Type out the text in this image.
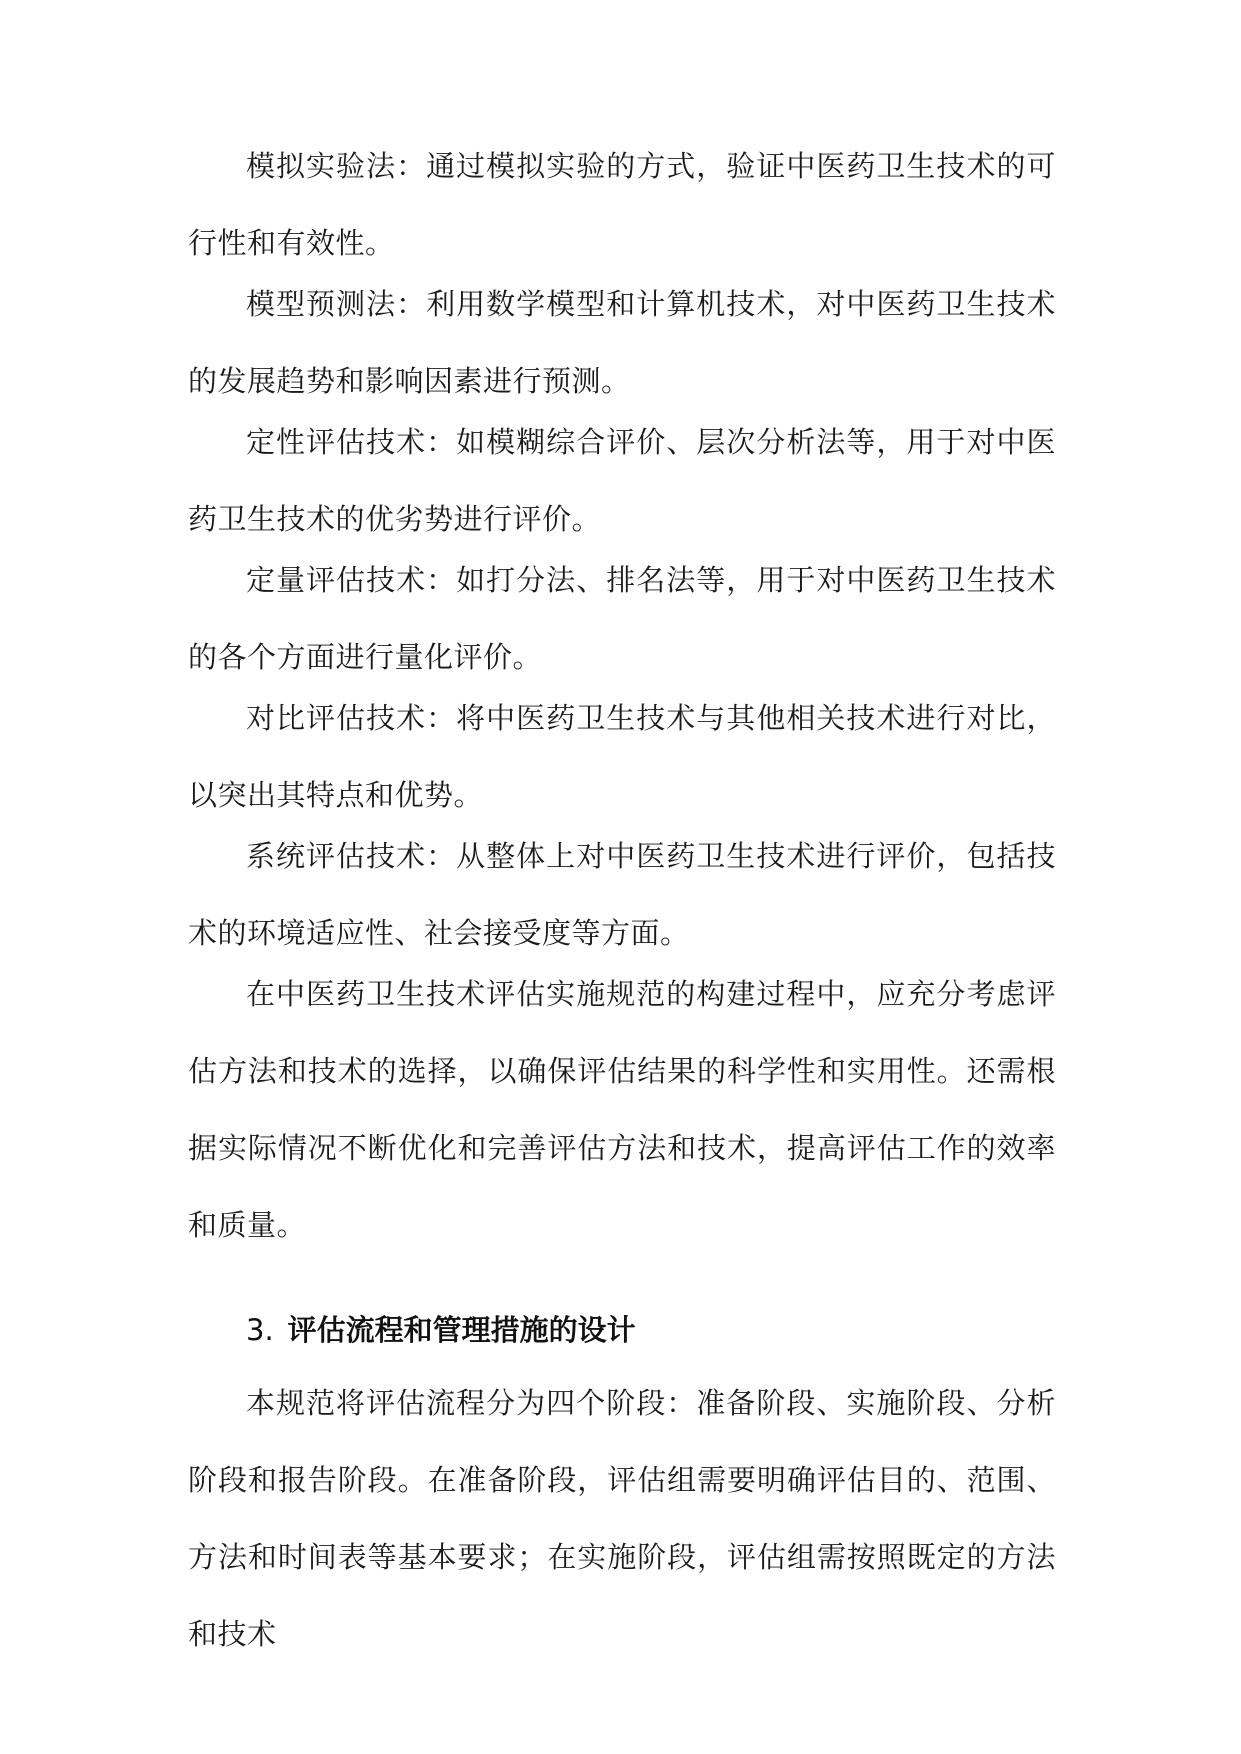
模拟实验法：通过模拟实验的方式，验证中医药卫生技术的可行性和有效性。

模型预测法：利用数学模型和计算机技术，对中医药卫生技术的发展趋势和影响因素进行预测。

定性评估技术：如模糊综合评价、层次分析法等，用于对中医药卫生技术的优劣势进行评价。

定量评估技术：如打分法、排名法等，用于对中医药卫生技术的各个方面进行量化评价。

对比评估技术：将中医药卫生技术与其他相关技术进行对比，以突出其特点和优势。

系统评估技术：从整体上对中医药卫生技术进行评价，包括技术的环境适应性、社会接受度等方面。

在中医药卫生技术评估实施规范的构建过程中，应充分考虑评估方法和技术的选择，以确保评估结果的科学性和实用性。还需根据实际情况不断优化和完善评估方法和技术，提高评估工作的效率和质量。

3. 评估流程和管理措施的设计

本规范将评估流程分为四个阶段：准备阶段、实施阶段、分析阶段和报告阶段。在准备阶段，评估组需要明确评估目的、范围、方法和时间表等基本要求；在实施阶段，评估组需按照既定的方法和技术
